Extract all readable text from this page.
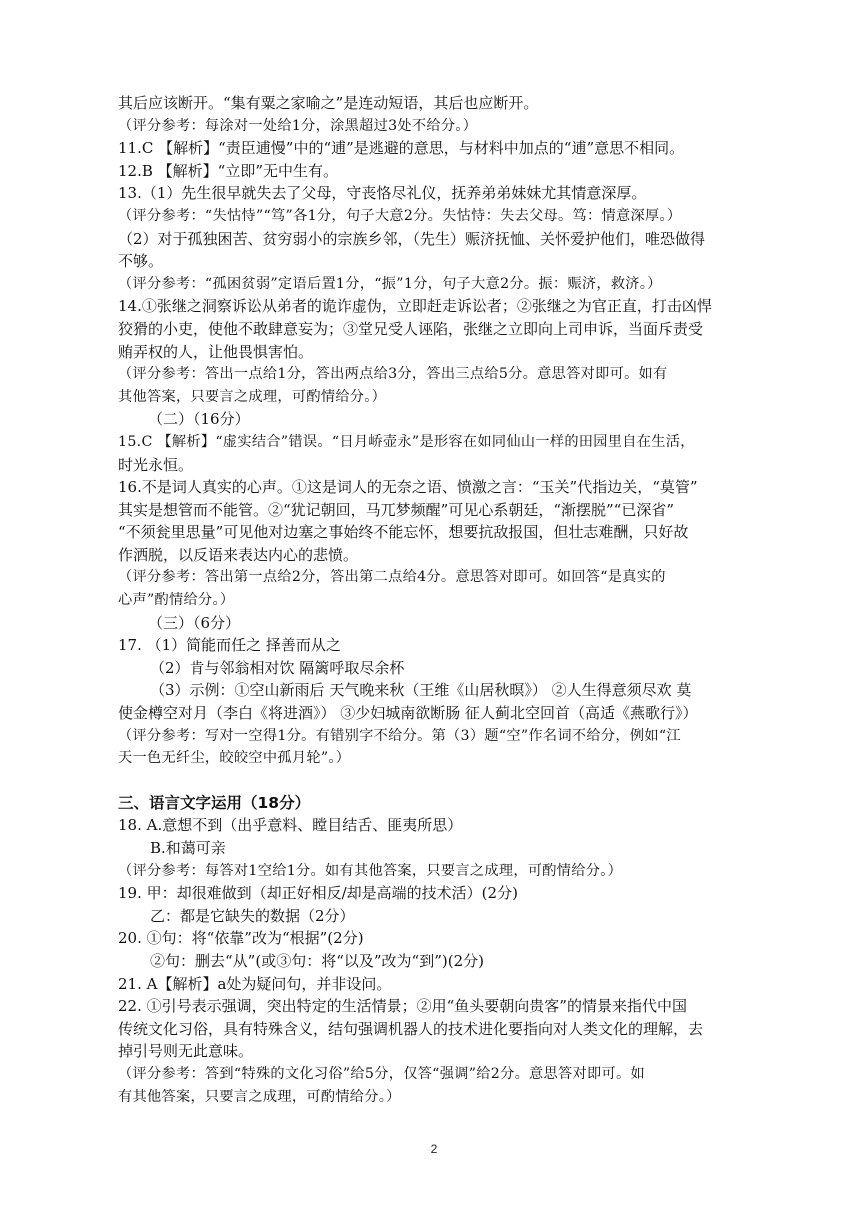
其后应该断开。“集有粟之家喻之”是连动短语，其后也应断开。
（评分参考：每涂对一处给1分，涂黑超过3处不给分。）
11.C 【解析】“责臣逋慢”中的“逋”是逃避的意思，与材料中加点的“逋”意思不相同。
12.B 【解析】“立即”无中生有。
13.（1）先生很早就失去了父母，守丧恪尽礼仪，抚养弟弟妹妹尤其情意深厚。
（评分参考：“失怙恃”“笃”各1分，句子大意2分。失怙恃：失去父母。笃：情意深厚。）
（2）对于孤独困苦、贫穷弱小的宗族乡邻，（先生）赈济抚恤、关怀爱护他们，唯恐做得
不够。
（评分参考：“孤困贫弱”定语后置1分，“振”1分，句子大意2分。振：赈济，救济。）
14.①张继之洞察诉讼从弟者的诡诈虚伪，立即赶走诉讼者；②张继之为官正直，打击凶悍
狡猾的小吏，使他不敢肆意妄为；③堂兄受人诬陷，张继之立即向上司申诉，当面斥责受
贿弄权的人，让他畏惧害怕。
（评分参考：答出一点给1分，答出两点给3分，答出三点给5分。意思答对即可。如有
其他答案，只要言之成理，可酌情给分。）
（二）（16分）
15.C 【解析】“虚实结合”错误。“日月峤壶永”是形容在如同仙山一样的田园里自在生活，
时光永恒。
16.不是词人真实的心声。①这是词人的无奈之语、愤激之言：“玉关”代指边关，“莫管”
其实是想管而不能管。②“犹记朝回，马兀梦频醒”可见心系朝廷，“渐摆脱”“已深省”
“不须瓮里思量”可见他对边塞之事始终不能忘怀，想要抗敌报国，但壮志难酬，只好故
作洒脱，以反语来表达内心的悲愤。
（评分参考：答出第一点给2分，答出第二点给4分。意思答对即可。如回答“是真实的
心声”酌情给分。）
（三）（6分）
17. （1）简能而任之 择善而从之
（2）肯与邻翁相对饮 隔篱呼取尽余杯
（3）示例：①空山新雨后 天气晚来秋（王维《山居秋暝》） ②人生得意须尽欢 莫
使金樽空对月（李白《将进酒》） ③少妇城南欲断肠 征人蓟北空回首（高适《燕歌行》）
（评分参考：写对一空得1分。有错别字不给分。第（3）题“空”作名词不给分，例如“江
天一色无纤尘，皎皎空中孤月轮”。）
三、语言文字运用（18分）
18. A.意想不到（出乎意料、瞠目结舌、匪夷所思）
B.和蔼可亲
（评分参考：每答对1空给1分。如有其他答案，只要言之成理，可酌情给分。）
19. 甲：却很难做到（却正好相反/却是高端的技术活）(2分)
乙：都是它缺失的数据（2分）
20. ①句：将“依靠”改为“根据”(2分)
②句：删去“从”(或③句：将“以及”改为“到”)(2分)
21. A【解析】a处为疑问句，并非设问。
22. ①引号表示强调，突出特定的生活情景；②用“鱼头要朝向贵客”的情景来指代中国
传统文化习俗，具有特殊含义，结句强调机器人的技术进化要指向对人类文化的理解，去
掉引号则无此意味。
（评分参考：答到“特殊的文化习俗”给5分，仅答“强调”给2分。意思答对即可。如
有其他答案，只要言之成理，可酌情给分。）
2
